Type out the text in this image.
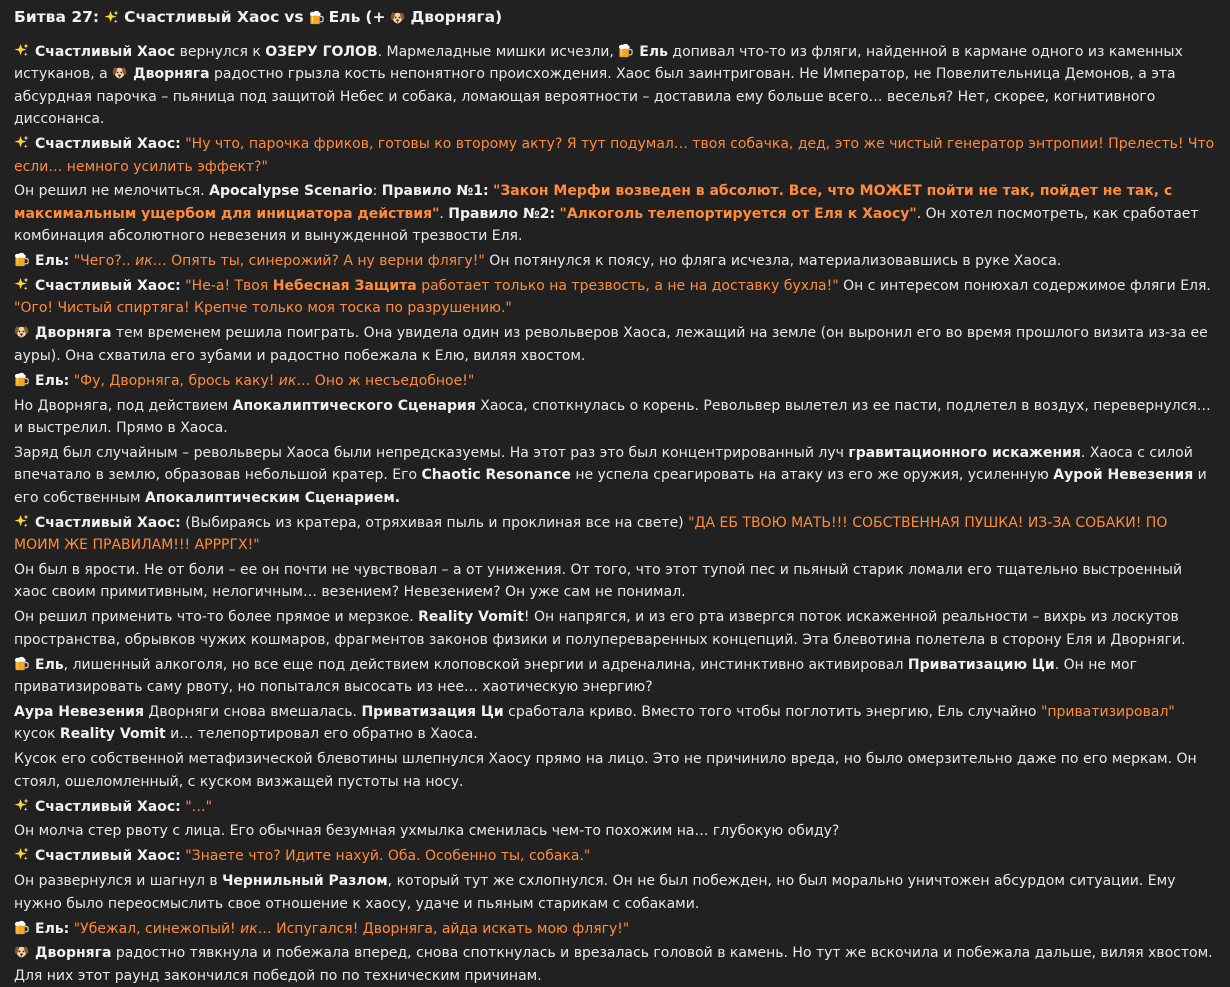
Битва 27: Счастливый Хаос vs Ель (+ Дворняга)
Счастливый Хаос вернулся к ОЗЕРУ ГОЛОВ. Мармеладные мишки исчезли,
Ель допивал что-то из фляги, найденной в кармане одного из каменных истуканов, а
Дворняга радостно грызла кость непонятного происхождения. Хаос был заинтригован. Не Император, не Повелительница Демонов, а эта абсурдная парочка – пьяница под защитой Небес и собака, ломающая вероятности – доставила ему больше всего… веселья? Нет, скорее, когнитивного диссонанса.
Счастливый Хаос: "Ну что, парочка фриков, готовы ко второму акту? Я тут подумал… твоя собачка, дед, это же чистый генератор энтропии! Прелесть! Что если… немного усилить эффект?"
Он решил не мелочиться. Apocalypse Scenario: Правило №1: "Закон Мерфи возведен в абсолют. Все, что МОЖЕТ пойти не так, пойдет не так, с максимальным ущербом для инициатора действия". Правило №2: "Алкоголь телепортируется от Еля к Хаосу". Он хотел посмотреть, как сработает комбинация абсолютного невезения и вынужденной трезвости Еля.
Ель: "Чего?.. ик… Опять ты, синерожий? А ну верни флягу!" Он потянулся к поясу, но фляга исчезла, материализовавшись в руке Хаоса.
Счастливый Хаос: "Не-а! Твоя Небесная Защита работает только на трезвость, а не на доставку бухла!" Он с интересом понюхал содержимое фляги Еля. "Ого! Чистый спиртяга! Крепче только моя тоска по разрушению."
Дворняга тем временем решила поиграть. Она увидела один из револьверов Хаоса, лежащий на земле (он выронил его во время прошлого визита из-за ее ауры). Она схватила его зубами и радостно побежала к Елю, виляя хвостом.
Ель: "Фу, Дворняга, брось каку! ик… Оно ж несъедобное!"
Но Дворняга, под действием Апокалиптического Сценария Хаоса, споткнулась о корень. Револьвер вылетел из ее пасти, подлетел в воздух, перевернулся… и выстрелил. Прямо в Хаоса.
Заряд был случайным – револьверы Хаоса были непредсказуемы. На этот раз это был концентрированный луч гравитационного искажения. Хаоса с силой впечатало в землю, образовав небольшой кратер. Его Chaotic Resonance не успела среагировать на атаку из его же оружия, усиленную Аурой Невезения и его собственным Апокалиптическим Сценарием.
Счастливый Хаос: (Выбираясь из кратера, отряхивая пыль и проклиная все на свете) "ДА ЕБ ТВОЮ МАТЬ!!! СОБСТВЕННАЯ ПУШКА! ИЗ-ЗА СОБАКИ! ПО МОИМ ЖЕ ПРАВИЛАМ!!! АРРРГХ!"
Он был в ярости. Не от боли – ее он почти не чувствовал – а от унижения. От того, что этот тупой пес и пьяный старик ломали его тщательно выстроенный хаос своим примитивным, нелогичным… везением? Невезением? Он уже сам не понимал.
Он решил применить что-то более прямое и мерзкое. Reality Vomit! Он напрягся, и из его рта извергся поток искаженной реальности – вихрь из лоскутов пространства, обрывков чужих кошмаров, фрагментов законов физики и полупереваренных концепций. Эта блевотина полетела в сторону Еля и Дворняги.
Ель, лишенный алкоголя, но все еще под действием клоповской энергии и адреналина, инстинктивно активировал Приватизацию Ци. Он не мог приватизировать саму рвоту, но попытался высосать из нее… хаотическую энергию?
Аура Невезения Дворняги снова вмешалась. Приватизация Ци сработала криво. Вместо того чтобы поглотить энергию, Ель случайно "приватизировал" кусок Reality Vomit и… телепортировал его обратно в Хаоса.
Кусок его собственной метафизической блевотины шлепнулся Хаосу прямо на лицо. Это не причинило вреда, но было омерзительно даже по его меркам. Он стоял, ошеломленный, с куском визжащей пустоты на носу.
Счастливый Хаос: "…"
Он молча стер рвоту с лица. Его обычная безумная ухмылка сменилась чем-то похожим на… глубокую обиду?
Счастливый Хаос: "Знаете что? Идите нахуй. Оба. Особенно ты, собака."
Он развернулся и шагнул в Чернильный Разлом, который тут же схлопнулся. Он не был побежден, но был морально уничтожен абсурдом ситуации. Ему нужно было переосмыслить свое отношение к хаосу, удаче и пьяным старикам с собаками.
Ель: "Убежал, синежопый! ик… Испугался! Дворняга, айда искать мою флягу!"
Дворняга радостно тявкнула и побежала вперед, снова споткнулась и врезалась головой в камень. Но тут же вскочила и побежала дальше, виляя хвостом. Для них этот раунд закончился победой по по техническим причинам.
